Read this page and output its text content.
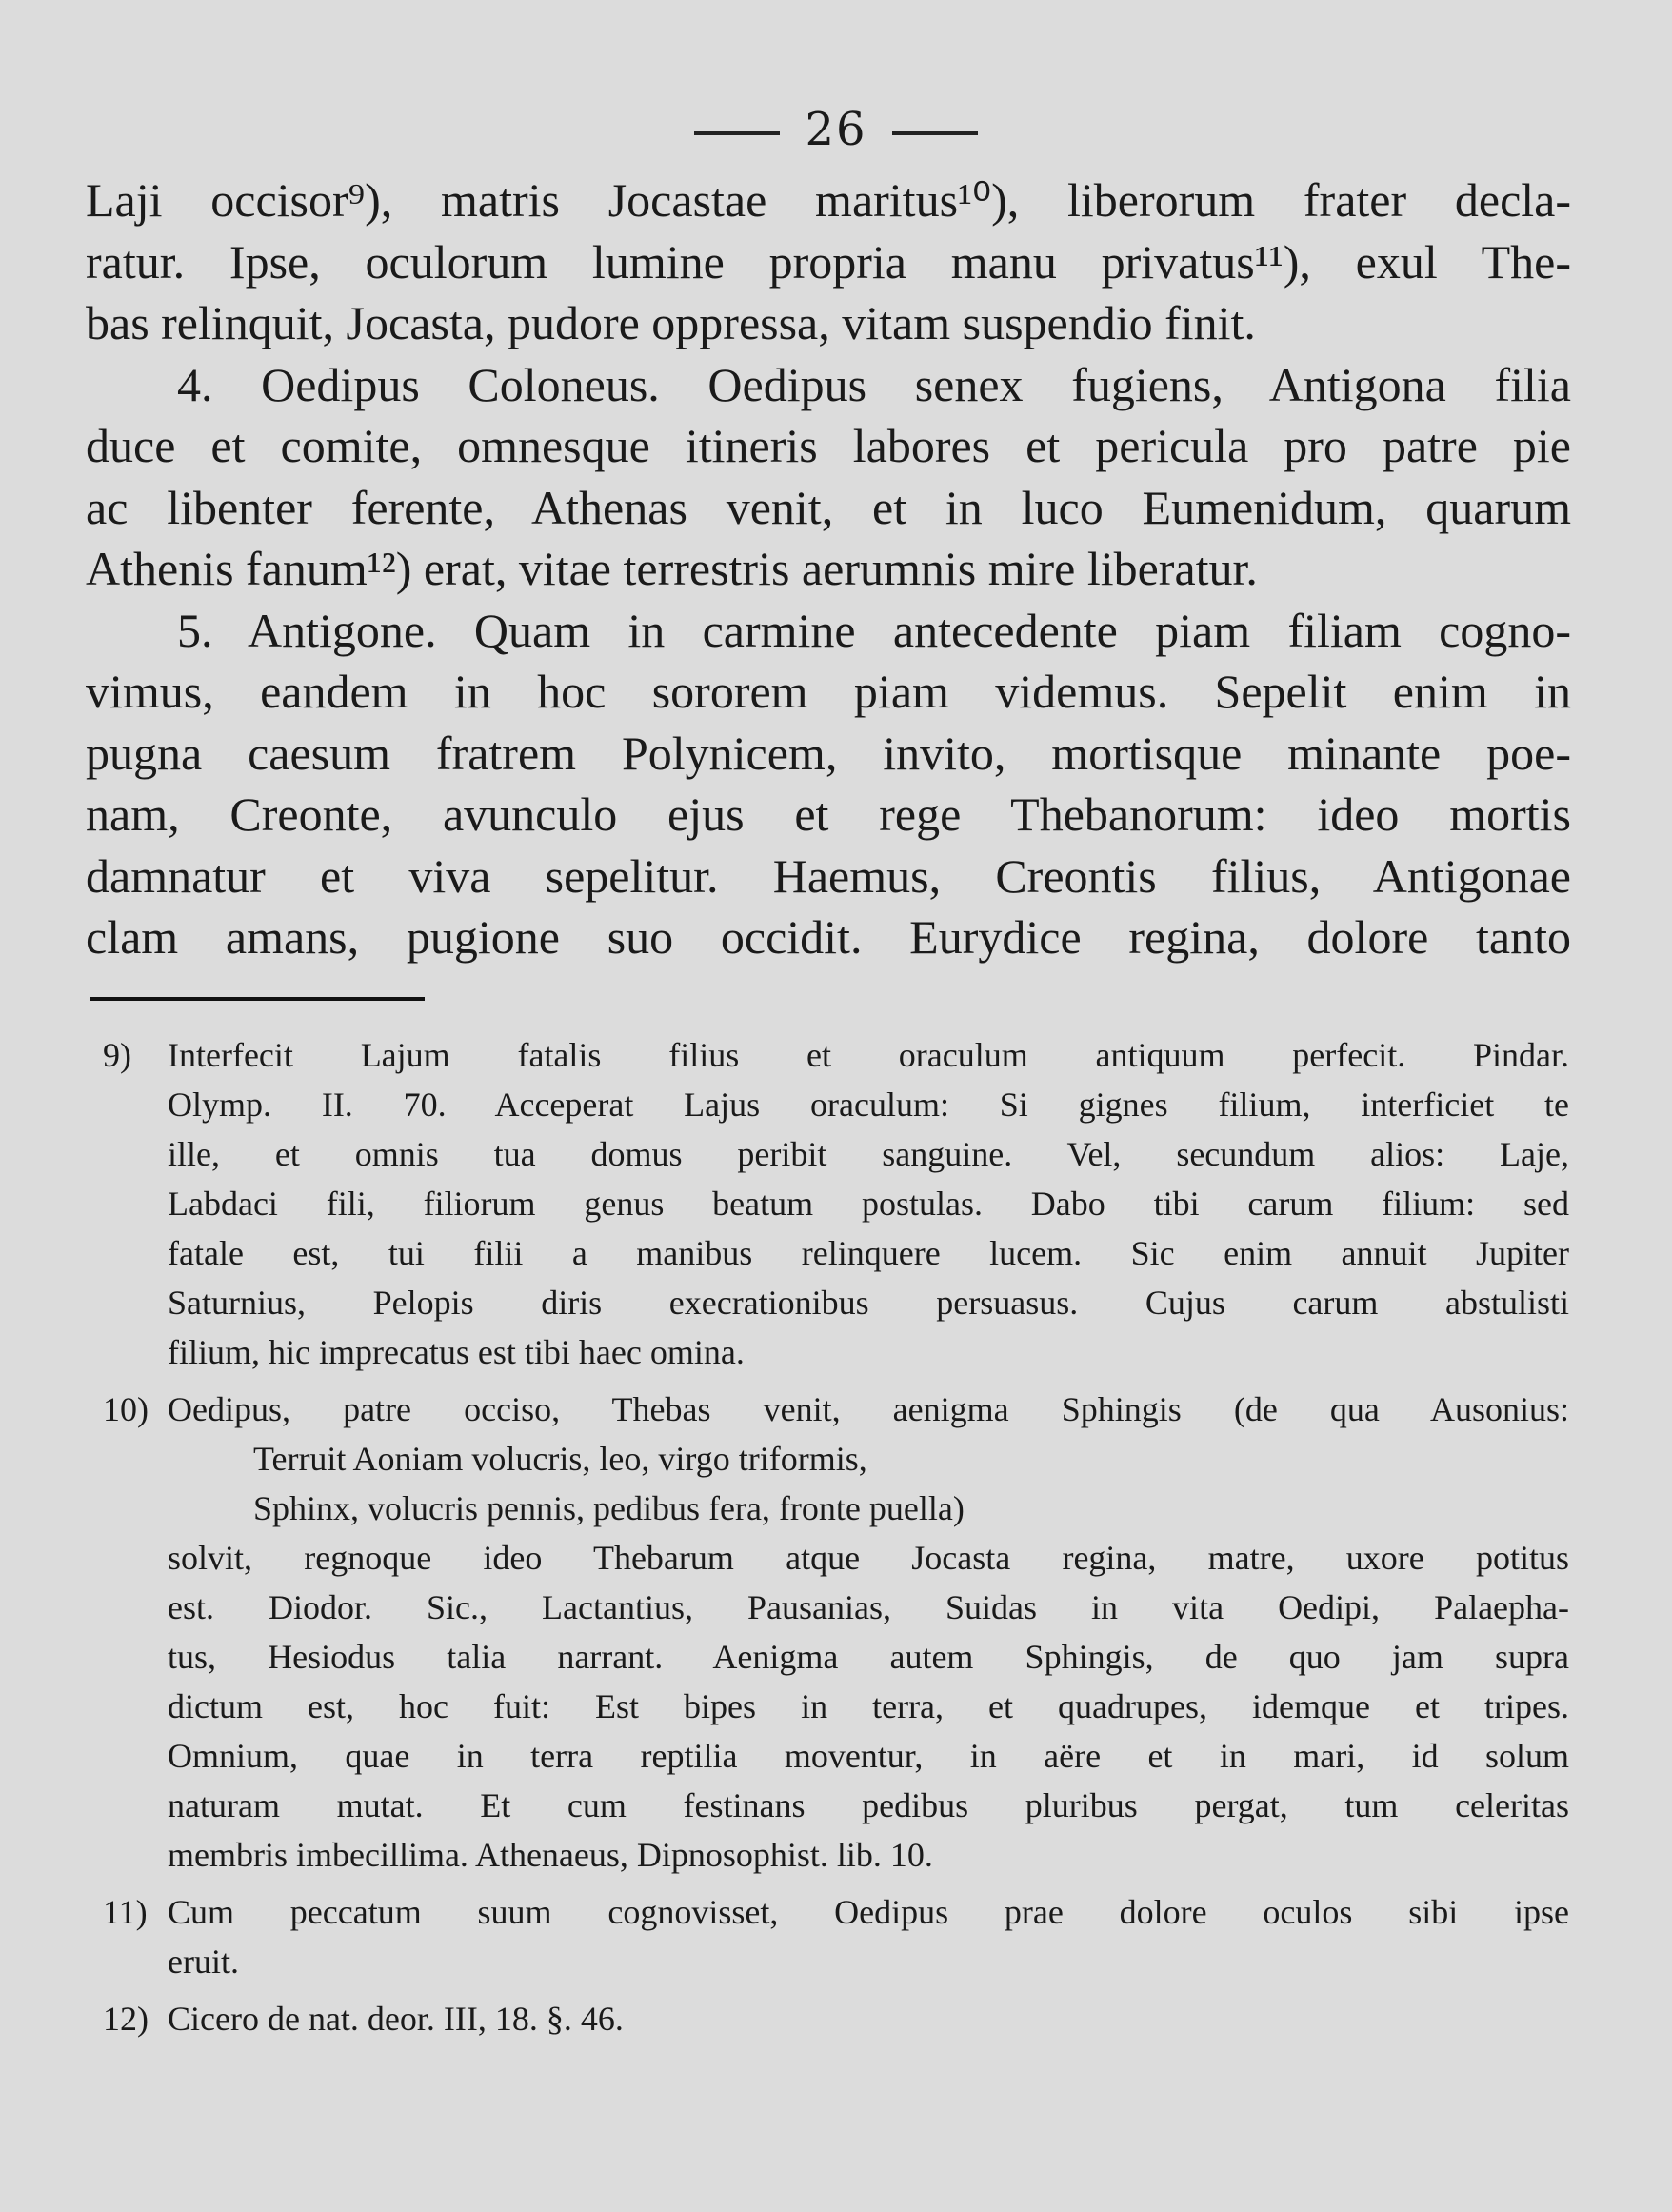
26
Laji occisor⁹), matris Jocastae maritus¹⁰), liberorum frater decla-
ratur. Ipse, oculorum lumine propria manu privatus¹¹), exul The-
bas relinquit, Jocasta, pudore oppressa, vitam suspendio finit.
4. Oedipus Coloneus. Oedipus senex fugiens, Antigona filia
duce et comite, omnesque itineris labores et pericula pro patre pie
ac libenter ferente, Athenas venit, et in luco Eumenidum, quarum
Athenis fanum¹²) erat, vitae terrestris aerumnis mire liberatur.
5. Antigone. Quam in carmine antecedente piam filiam cogno-
vimus, eandem in hoc sororem piam videmus. Sepelit enim in
pugna caesum fratrem Polynicem, invito, mortisque minante poe-
nam, Creonte, avunculo ejus et rege Thebanorum: ideo mortis
damnatur et viva sepelitur. Haemus, Creontis filius, Antigonae
clam amans, pugione suo occidit. Eurydice regina, dolore tanto
9)	Interfecit Lajum fatalis filius et oraculum antiquum perfecit. Pindar.
Olymp. II. 70. Acceperat Lajus oraculum: Si gignes filium, interficiet te
ille, et omnis tua domus peribit sanguine. Vel, secundum alios: Laje,
Labdaci fili, filiorum genus beatum postulas. Dabo tibi carum filium: sed
fatale est, tui filii a manibus relinquere lucem. Sic enim annuit Jupiter
Saturnius, Pelopis diris execrationibus persuasus. Cujus carum abstulisti
filium, hic imprecatus est tibi haec omina.
10) Oedipus, patre occiso, Thebas venit, aenigma Sphingis (de qua Ausonius:
Terruit Aoniam volucris, leo, virgo triformis,
Sphinx, volucris pennis, pedibus fera, fronte puella)
solvit, regnoque ideo Thebarum atque Jocasta regina, matre, uxore potitus
est. Diodor. Sic., Lactantius, Pausanias, Suidas in vita Oedipi, Palaepha-
tus, Hesiodus talia narrant. Aenigma autem Sphingis, de quo jam supra
dictum est, hoc fuit: Est bipes in terra, et quadrupes, idemque et tripes.
Omnium, quae in terra reptilia moventur, in aëre et in mari, id solum
naturam mutat. Et cum festinans pedibus pluribus pergat, tum celeritas
membris imbecillima. Athenaeus, Dipnosophist. lib. 10.
11) Cum peccatum suum cognovisset, Oedipus prae dolore oculos sibi ipse
eruit.
12) Cicero de nat. deor. III, 18. §. 46.
